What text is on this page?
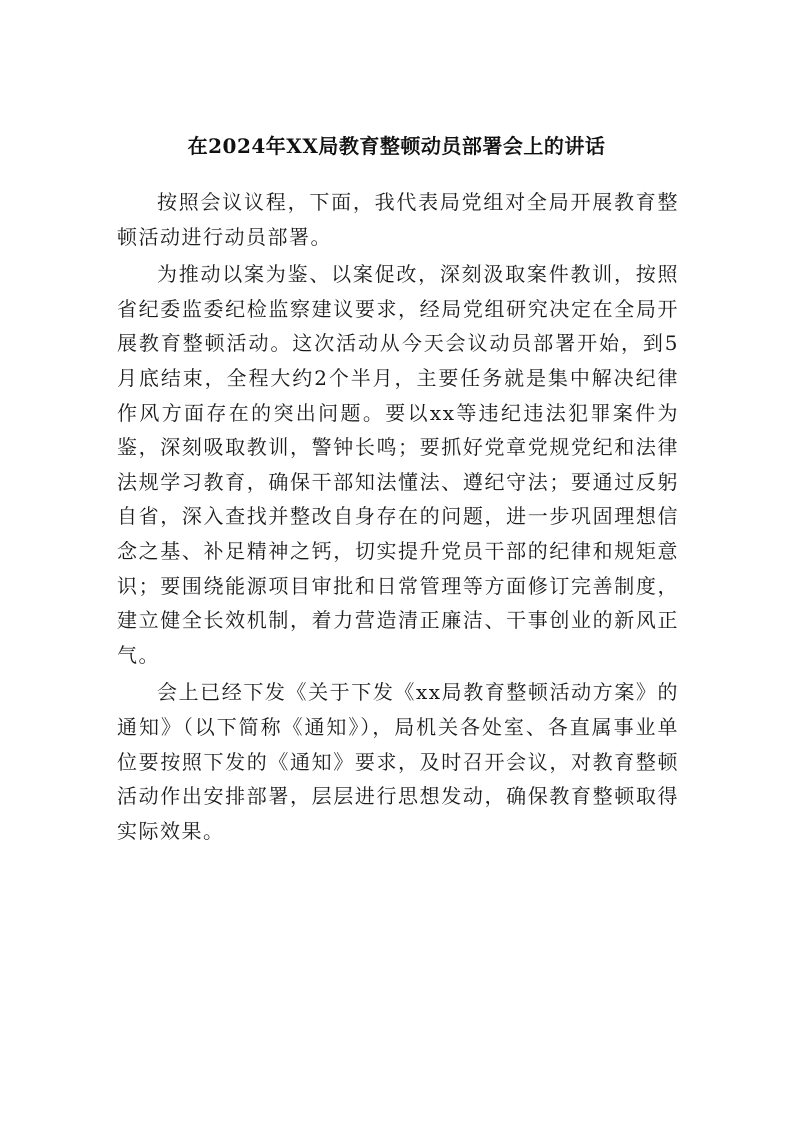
在2024年XX局教育整顿动员部署会上的讲话

按照会议议程，下面，我代表局党组对全局开展教育整顿活动进行动员部署。

为推动以案为鉴、以案促改，深刻汲取案件教训，按照省纪委监委纪检监察建议要求，经局党组研究决定在全局开展教育整顿活动。这次活动从今天会议动员部署开始，到5月底结束，全程大约2个半月，主要任务就是集中解决纪律作风方面存在的突出问题。要以xx等违纪违法犯罪案件为鉴，深刻吸取教训，警钟长鸣；要抓好党章党规党纪和法律法规学习教育，确保干部知法懂法、遵纪守法；要通过反躬自省，深入查找并整改自身存在的问题，进一步巩固理想信念之基、补足精神之钙，切实提升党员干部的纪律和规矩意识；要围绕能源项目审批和日常管理等方面修订完善制度，建立健全长效机制，着力营造清正廉洁、干事创业的新风正气。

会上已经下发《关于下发《xx局教育整顿活动方案》的通知》（以下简称《通知》），局机关各处室、各直属事业单位要按照下发的《通知》要求，及时召开会议，对教育整顿活动作出安排部署，层层进行思想发动，确保教育整顿取得实际效果。
